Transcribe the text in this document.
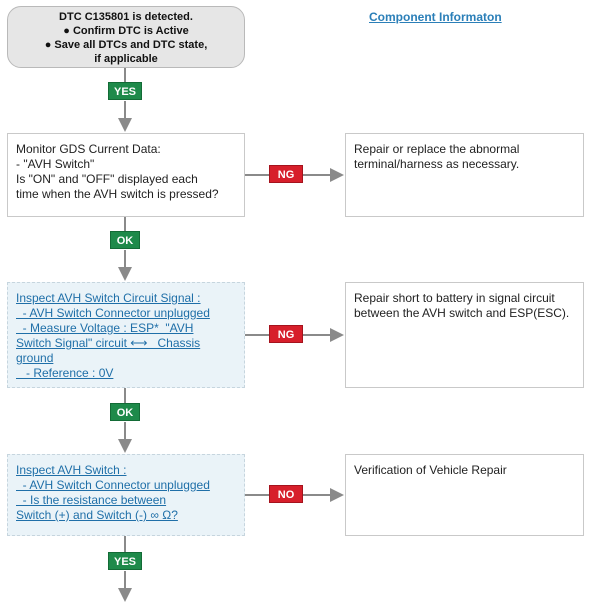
DTC C135801 is detected.
● Confirm DTC is Active
● Save all DTCs and DTC state,
if applicable
Component Informaton
YES
Monitor GDS Current Data:
- "AVH Switch"
Is "ON" and "OFF" displayed each
time when the AVH switch is pressed?
NG
Repair or replace the abnormal
terminal/harness as necessary.
OK
Inspect AVH Switch Circuit Signal :
- AVH Switch Connector unplugged
- Measure Voltage : ESP*  "AVH
Switch Signal" circuit ⟷   Chassis
ground
- Reference : 0V
NG
Repair short to battery in signal circuit
between the AVH switch and ESP(ESC).
OK
Inspect AVH Switch :
- AVH Switch Connector unplugged
- Is the resistance between
Switch (+) and Switch (-) ∞ Ω?
NO
Verification of Vehicle Repair
YES
